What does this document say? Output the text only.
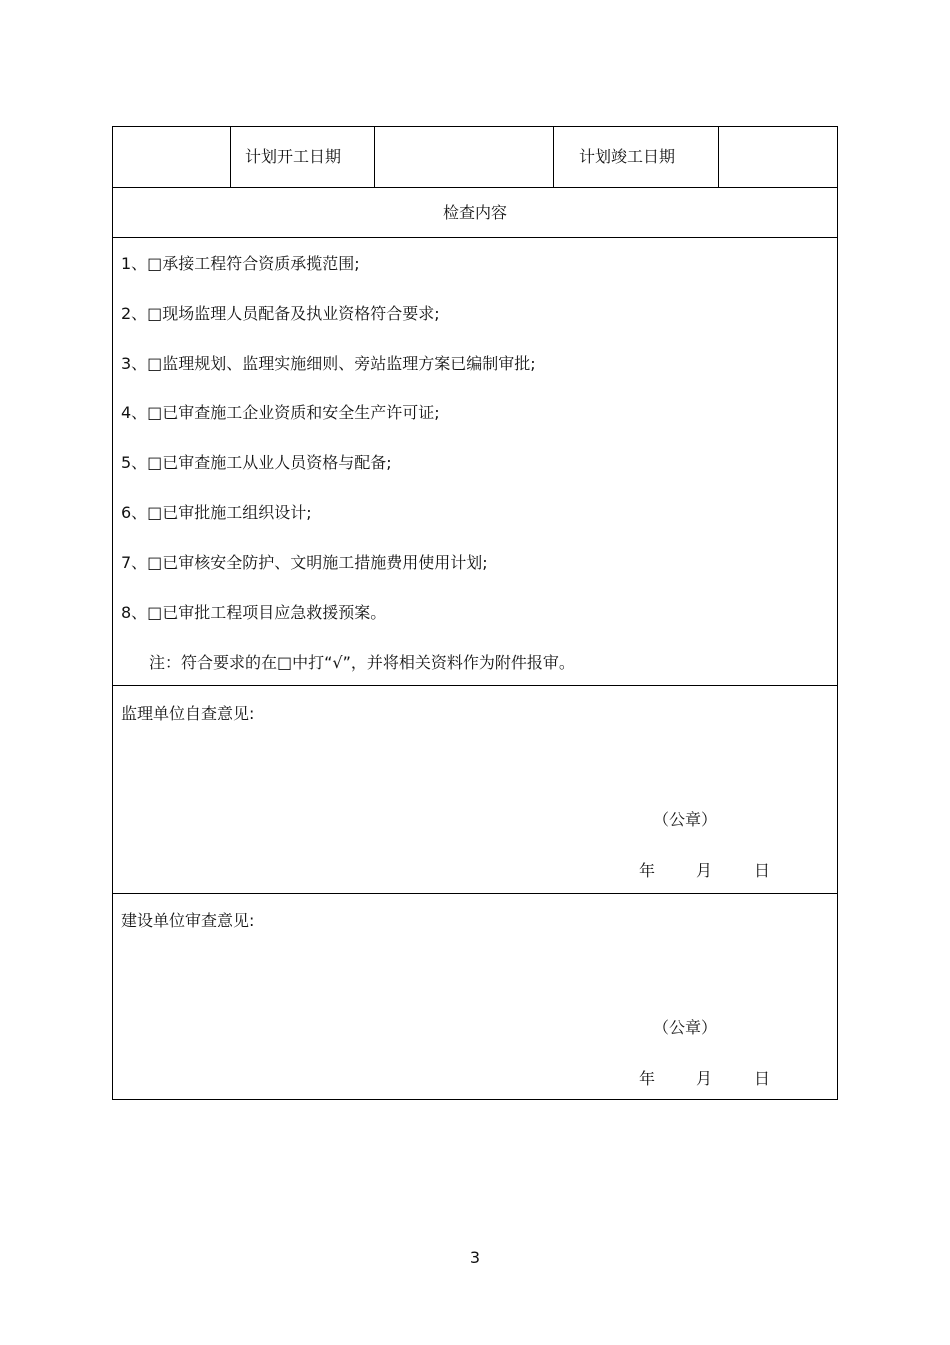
计划开工日期	计划竣工日期
检查内容
1、□承接工程符合资质承揽范围;
2、□现场监理人员配备及执业资格符合要求;
3、□监理规划、监理实施细则、旁站监理方案已编制审批;
4、□已审查施工企业资质和安全生产许可证;
5、□已审查施工从业人员资格与配备;
6、□已审批施工组织设计;
7、□已审核安全防护、文明施工措施费用使用计划;
8、□已审批工程项目应急救援预案。
注：符合要求的在□中打“√”，并将相关资料作为附件报审。
监理单位自查意见:
（公章）
年	月	日
建设单位审查意见:
（公章）
年	月	日
3
